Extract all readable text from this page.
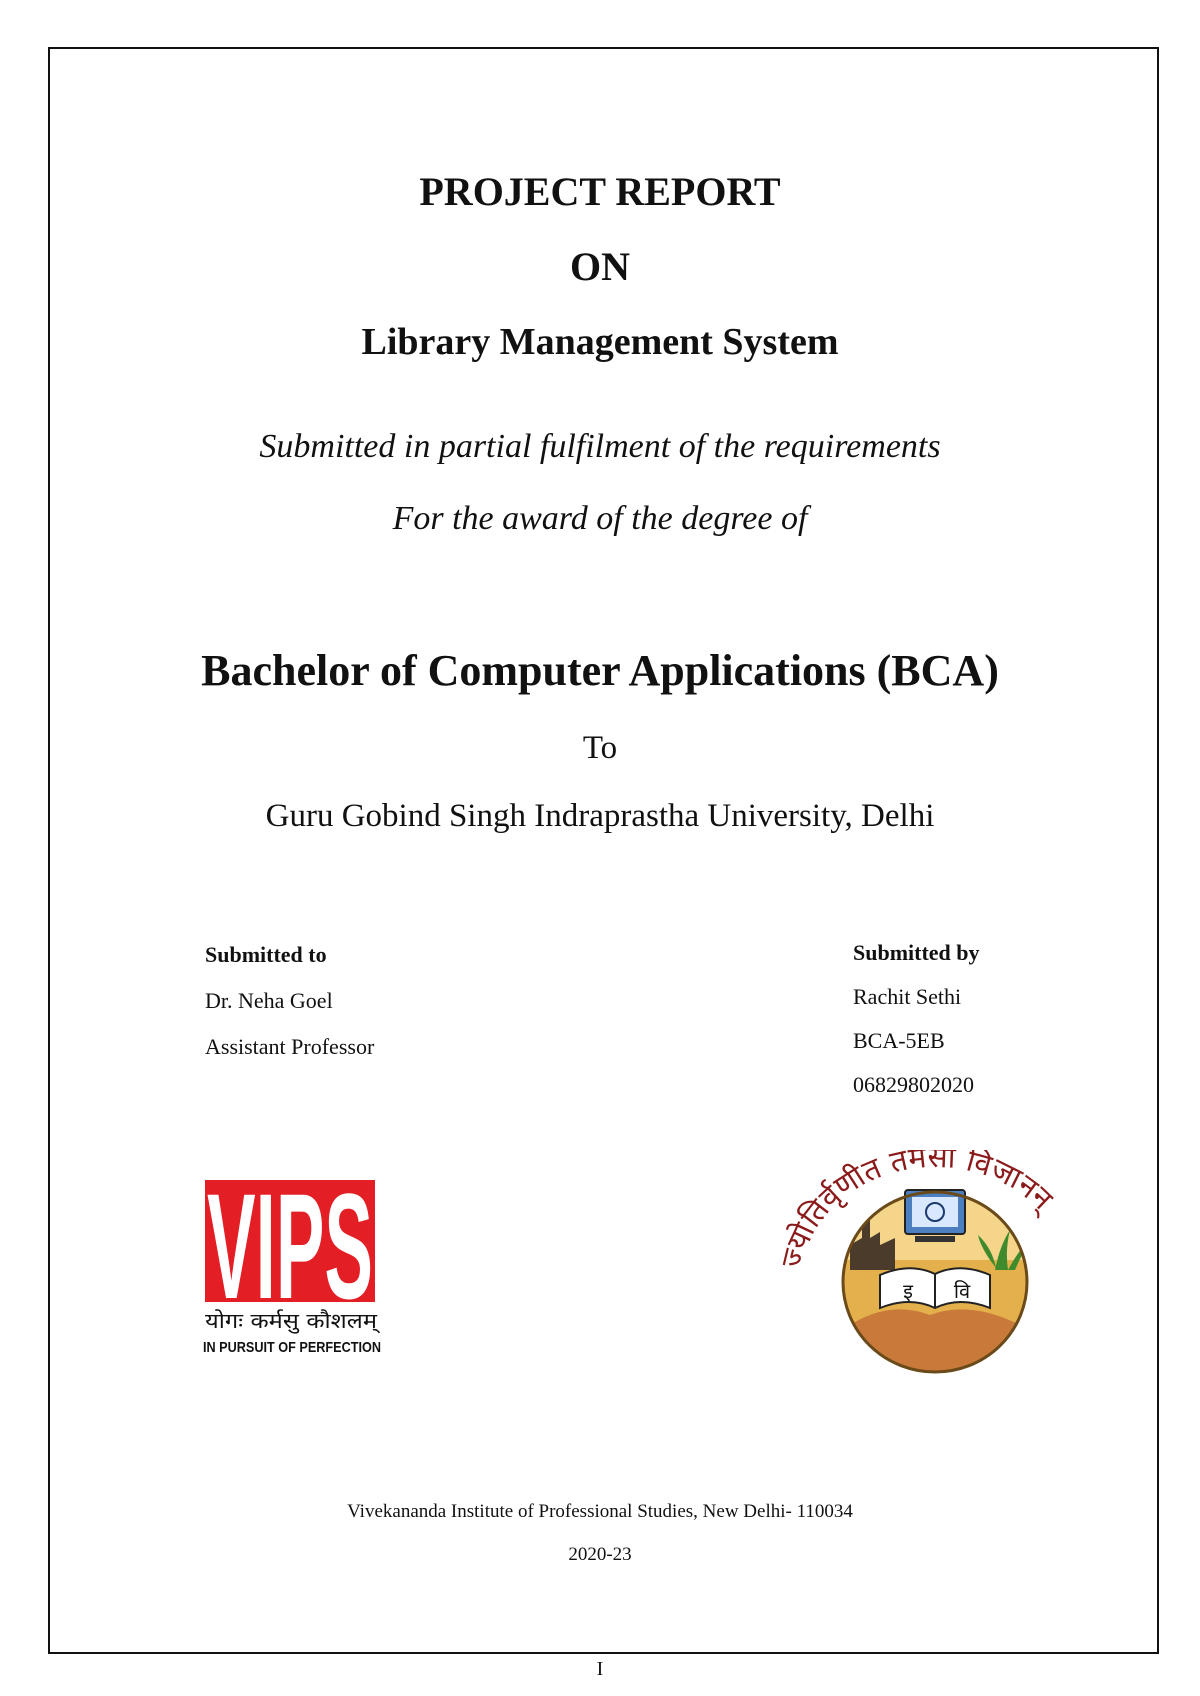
PROJECT REPORT
ON
Library Management System
Submitted in partial fulfilment of the requirements
For the award of the degree of
Bachelor of Computer Applications (BCA)
To
Guru Gobind Singh Indraprastha University, Delhi
Submitted to
Dr. Neha Goel
Assistant Professor
Submitted by
Rachit Sethi
BCA-5EB
06829802020
VIPS
योगः कर्मसु कौशलम्
IN PURSUIT OF PERFECTION
तिर्वृणीत तमसो विजानन्
इ वि
Vivekananda Institute of Professional Studies, New Delhi- 110034
2020-23
I
